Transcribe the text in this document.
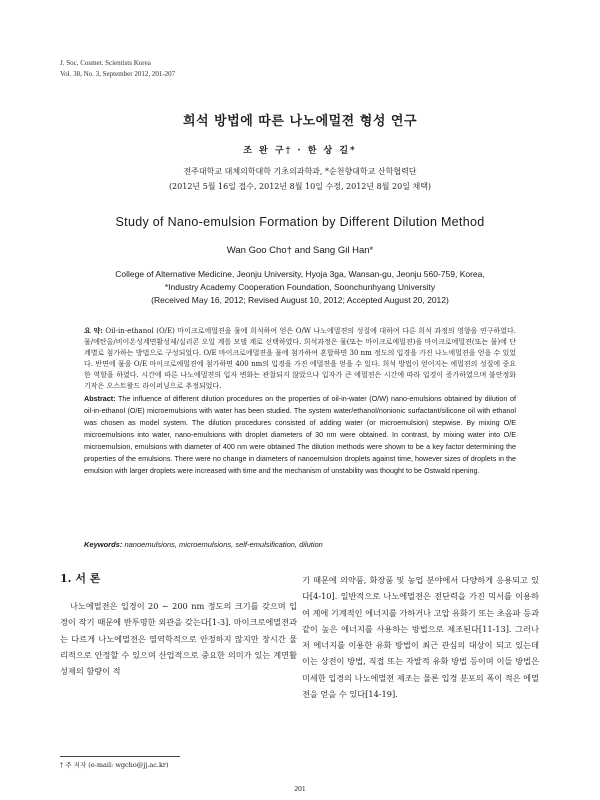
J. Soc. Cosmet. Scientists Korea
Vol. 38, No. 3, September 2012, 201-207
희석 방법에 따른 나노에멀젼 형성 연구
조 완 구† · 한 상 길*
전주대학교 대체의학대학 기초의과학과, *순천향대학교 산학협력단
(2012년 5월 16일 접수, 2012년 8월 10일 수정, 2012년 8월 20일 채택)
Study of Nano-emulsion Formation by Different Dilution Method
Wan Goo Cho† and Sang Gil Han*
College of Alternative Medicine, Jeonju University, Hyoja 3ga, Wansan-gu, Jeonju 560-759, Korea,
*Industry Academy Cooperation Foundation, Soonchunhyang University
(Received May 16, 2012; Revised August 10, 2012; Accepted August 20, 2012)
요 약: Oil-in-ethanol (O/E) 마이크로에멀젼을 물에 희석하여 얻은 O/W 나노에멀젼의 성질에 대하여 다른 희석 과정의 영향을 연구하였다. 물/에탄올/비이온성계면활성제/실리콘 오일 계를 모델 계로 선택하였다. 희석과정은 물(또는 마이크로에멀젼)을 마이크로에멀젼(또는 물)에 단계별로 첨가하는 방법으로 구성되었다. O/E 마이크로에멀젼을 물에 첨가하여 혼합하면 30 nm 정도의 입경을 가진 나노에멀젼을 얻을 수 있었다. 반면에 물을 O/E 마이크로에멀젼에 첨가하면 400 nm의 입경을 가진 에멀젼을 얻을 수 있다. 희석 방법이 얻어지는 에멀젼의 성질에 중요한 역할을 하였다. 시간에 따른 나노에멀젼의 입자 변화는 관찰되지 않았으나 입자가 큰 에멀젼은 시간에 따라 입경이 증가하였으며 불안정화 기작은 오스트왈드 라이퍼닝으로 추정되었다.
Abstract: The influence of different dilution procedures on the properties of oil-in-water (O/W) nano-emulsions obtained by dilution of oil-in-ethanol (O/E) microemulsions with water has been studied. The system water/ethanol/nonionic surfactant/silicone oil with ethanol was chosen as model system. The dilution procedures consisted of adding water (or microemulsion) stepwise. By mixing O/E microemulsions into water, nano-emulsions with droplet diameters of 30 nm were obtained. In contrast, by mixing water into O/E microemulsion, emulsions with diameter of 400 nm were obtained The dilution methods were shown to be a key factor determining the properties of the emulsions. There were no change in diameters of nanoemulsion droplets against time, however sizes of droplets in the emulsion with larger droplets were increased with time and the mechanism of unstability was thought to be Ostwald ripening.
Keywords: nanoemulsions, microemulsions, self-emulsification, dilution
1. 서 론

나노에멀젼은 입경이 20 ∼ 200 nm 정도의 크기를 갖으며 입경이 작기 때문에 반투명한 외관을 갖는다[1-3]. 마이크로에멀젼과는 다르게 나노에멀젼은 열역학적으로 안정하지 않지만 장시간 물리적으로 안정할 수 있으며 산업적으로 중요한 의미가 있는 계면활성제의 함량이 적

기 때문에 의약품, 화장품 및 농업 분야에서 다양하게 응용되고 있다[4-10]. 일반적으로 나노에멀젼은 전단력을 가진 믹서를 이용하여 계에 기계적인 에너지를 가하거나 고압 유화기 또는 초음파 등과 같이 높은 에너지를 사용하는 방법으로 제조된다[11-13]. 그러나 저 에너지를 이용한 유화 방법이 최근 관심의 대상이 되고 있는데 이는 상전이 방법, 직접 또는 자발적 유화 방법 등이며 이들 방법은 미세한 입경의 나노에멀젼 제조는 물론 입경 분포의 폭이 적은 에멀젼을 얻을 수 있다[14-19].

† 주 저자 (e-mail: wgcho@jj.ac.kr)
201
